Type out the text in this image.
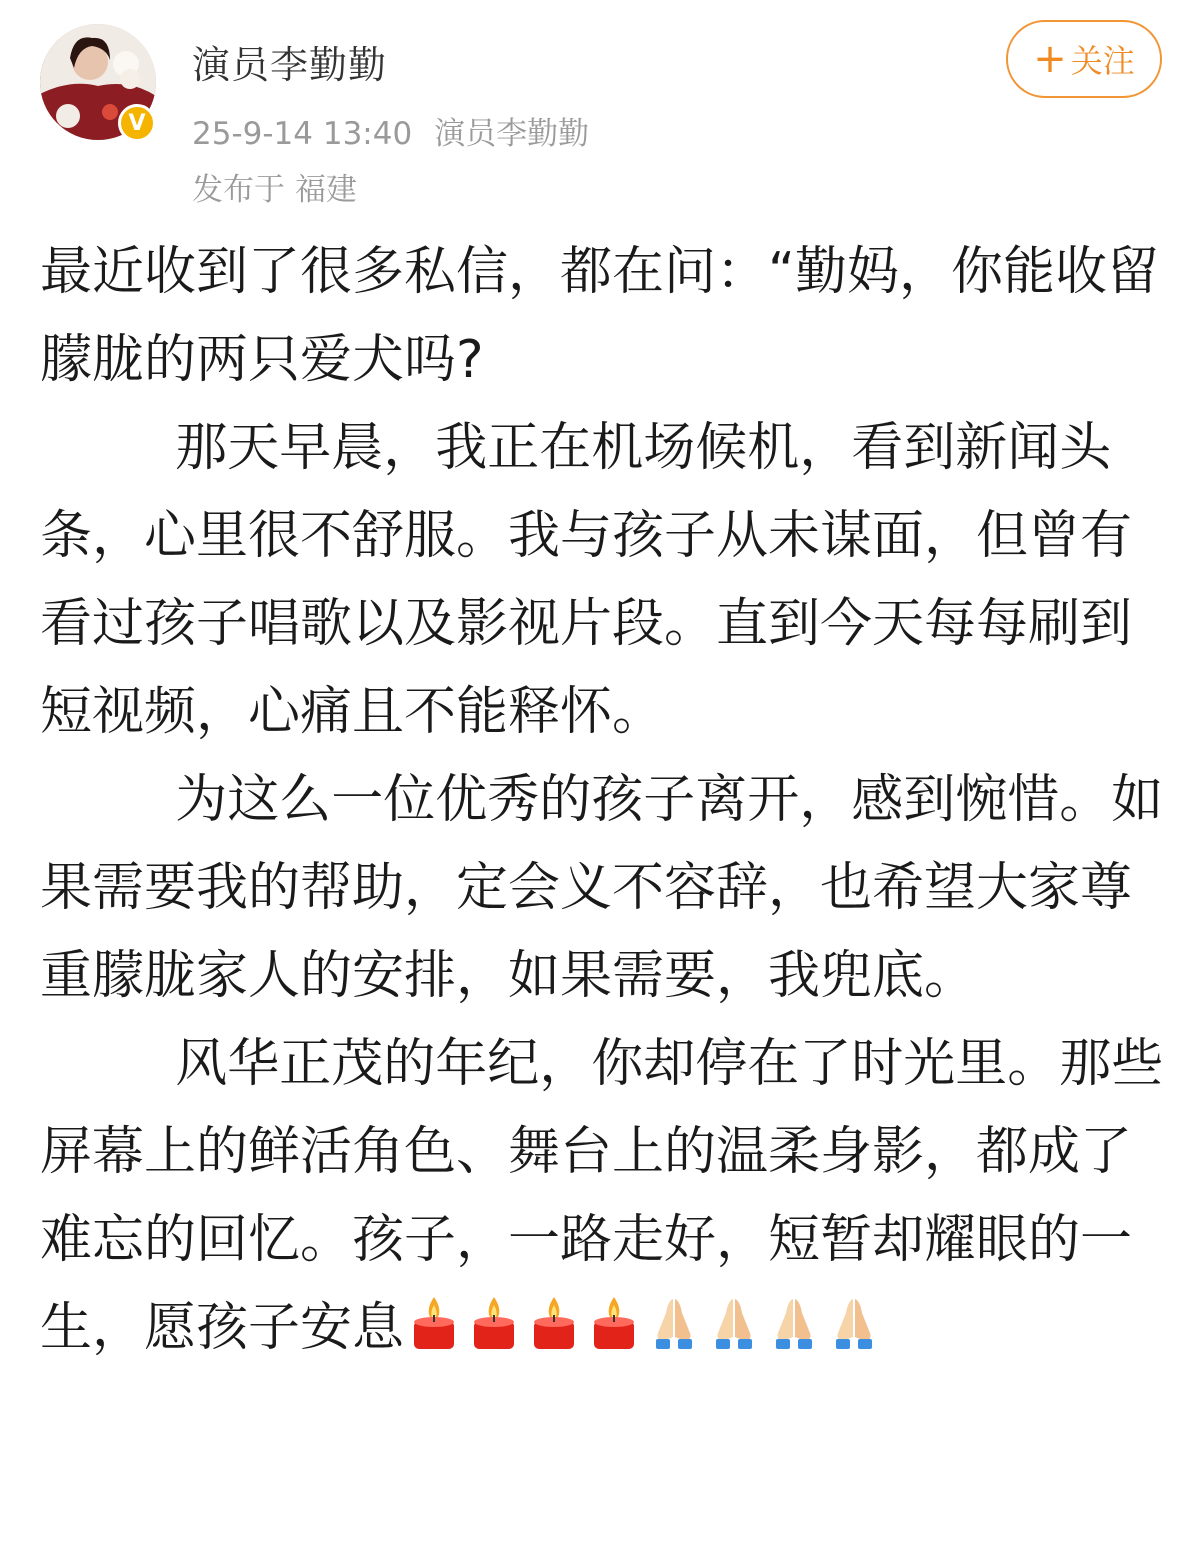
V
演员李勤勤
25-9-14 13:40 演员李勤勤
发布于 福建
+ 关注

最近收到了很多私信，都在问：“勤妈，你能收留朦胧的两只爱犬吗?

那天早晨，我正在机场候机，看到新闻头条，心里很不舒服。我与孩子从未谋面，但曾有看过孩子唱歌以及影视片段。直到今天每每刷到短视频，心痛且不能释怀。

为这么一位优秀的孩子离开，感到惋惜。如果需要我的帮助，定会义不容辞，也希望大家尊重朦胧家人的安排，如果需要，我兜底。

风华正茂的年纪，你却停在了时光里。那些屏幕上的鲜活角色、舞台上的温柔身影，都成了难忘的回忆。孩子，一路走好，短暂却耀眼的一生，愿孩子安息
